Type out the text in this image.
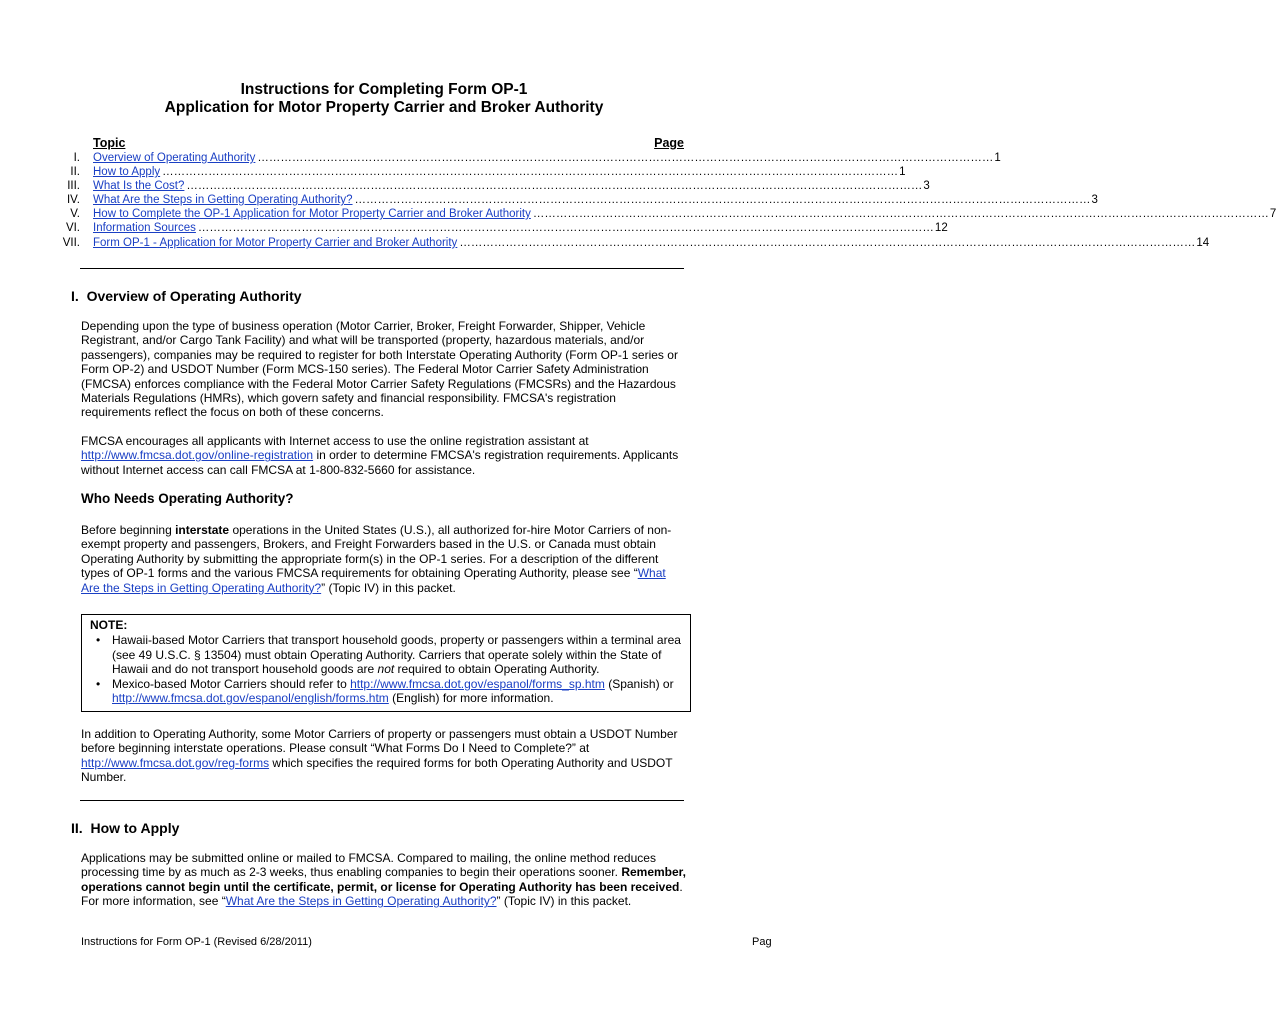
Instructions for Completing Form OP-1
Application for Motor Property Carrier and Broker Authority
Topic	Page
I. Overview of Operating Authority ………………………………………………………………………………………………………………………………………………………………………… 1
II. How to Apply ………………………………………………………………………………………………………………………………………………………………………… 1
III. What Is the Cost? ………………………………………………………………………………………………………………………………………………………………………… 3
IV. What Are the Steps in Getting Operating Authority? ………………………………………………………………………………………………………………………………………………………………………… 3
V. How to Complete the OP-1 Application for Motor Property Carrier and Broker Authority ………………………………………………………………………………………………………………………………………………………………………… 7
VI. Information Sources ………………………………………………………………………………………………………………………………………………………………………… 12
VII. Form OP-1 - Application for Motor Property Carrier and Broker Authority ………………………………………………………………………………………………………………………………………………………………………… 14
I. Overview of Operating Authority
Depending upon the type of business operation (Motor Carrier, Broker, Freight Forwarder, Shipper, Vehicle Registrant, and/or Cargo Tank Facility) and what will be transported (property, hazardous materials, and/or passengers), companies may be required to register for both Interstate Operating Authority (Form OP-1 series or Form OP-2) and USDOT Number (Form MCS-150 series). The Federal Motor Carrier Safety Administration (FMCSA) enforces compliance with the Federal Motor Carrier Safety Regulations (FMCSRs) and the Hazardous Materials Regulations (HMRs), which govern safety and financial responsibility. FMCSA's registration requirements reflect the focus on both of these concerns.
FMCSA encourages all applicants with Internet access to use the online registration assistant at http://www.fmcsa.dot.gov/online-registration in order to determine FMCSA's registration requirements. Applicants without Internet access can call FMCSA at 1-800-832-5660 for assistance.
Who Needs Operating Authority?
Before beginning interstate operations in the United States (U.S.), all authorized for-hire Motor Carriers of non-exempt property and passengers, Brokers, and Freight Forwarders based in the U.S. or Canada must obtain Operating Authority by submitting the appropriate form(s) in the OP-1 series. For a description of the different types of OP-1 forms and the various FMCSA requirements for obtaining Operating Authority, please see “What Are the Steps in Getting Operating Authority?” (Topic IV) in this packet.
NOTE:
• Hawaii-based Motor Carriers that transport household goods, property or passengers within a terminal area (see 49 U.S.C. § 13504) must obtain Operating Authority. Carriers that operate solely within the State of Hawaii and do not transport household goods are not required to obtain Operating Authority.
• Mexico-based Motor Carriers should refer to http://www.fmcsa.dot.gov/espanol/forms_sp.htm (Spanish) or http://www.fmcsa.dot.gov/espanol/english/forms.htm (English) for more information.
In addition to Operating Authority, some Motor Carriers of property or passengers must obtain a USDOT Number before beginning interstate operations. Please consult “What Forms Do I Need to Complete?” at http://www.fmcsa.dot.gov/reg-forms which specifies the required forms for both Operating Authority and USDOT Number.
II. How to Apply
Applications may be submitted online or mailed to FMCSA. Compared to mailing, the online method reduces processing time by as much as 2-3 weeks, thus enabling companies to begin their operations sooner. Remember, operations cannot begin until the certificate, permit, or license for Operating Authority has been received. For more information, see “What Are the Steps in Getting Operating Authority?” (Topic IV) in this packet.
Instructions for Form OP-1 (Revised 6/28/2011)	Pag
